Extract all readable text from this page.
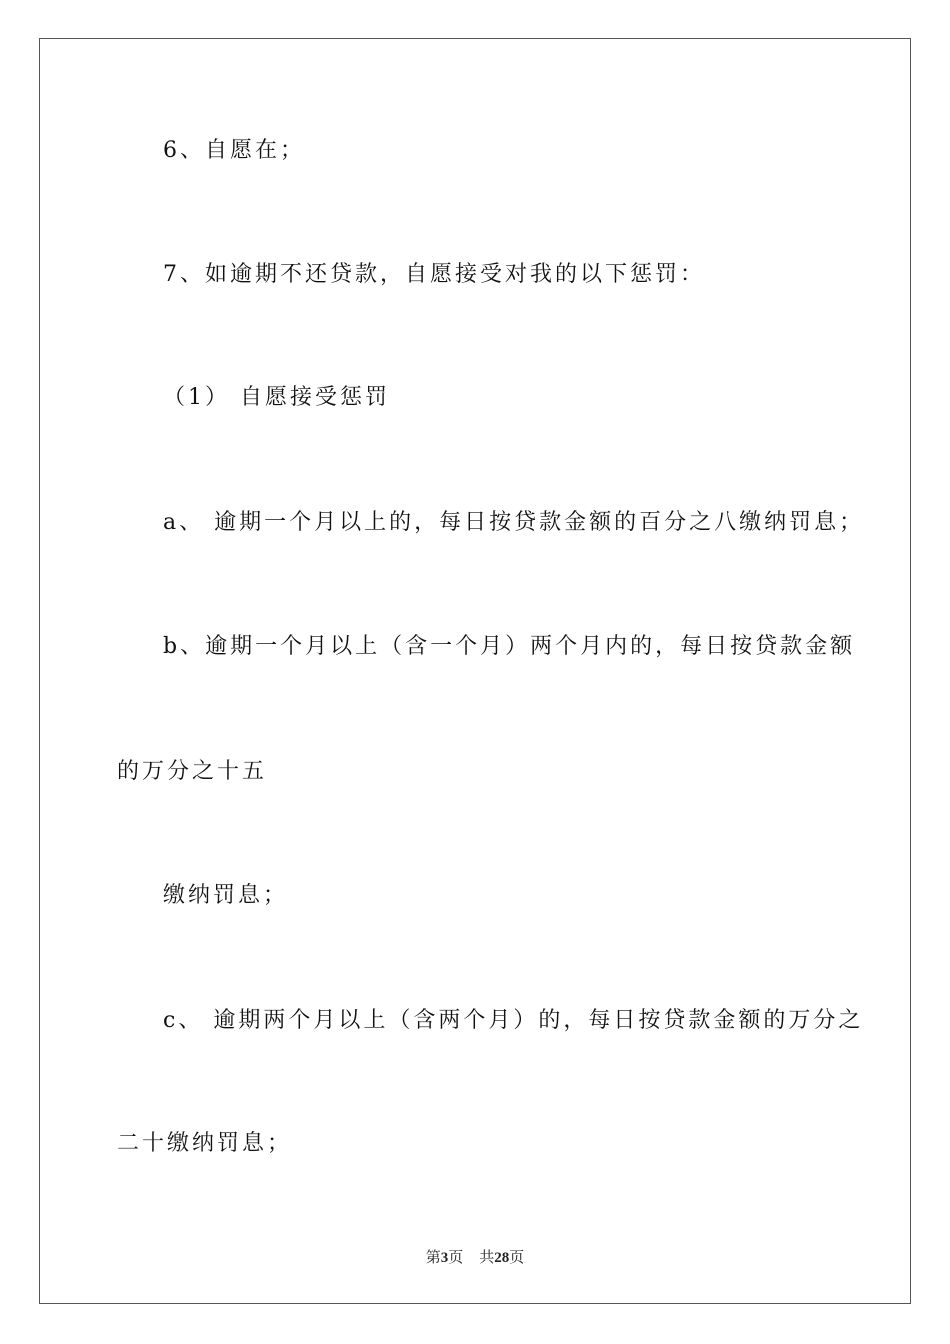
6、自愿在；
7、如逾期不还贷款，自愿接受对我的以下惩罚：
（1） 自愿接受惩罚
a、 逾期一个月以上的，每日按贷款金额的百分之八缴纳罚息；
b、逾期一个月以上（含一个月）两个月内的，每日按贷款金额
的万分之十五
缴纳罚息；
c、 逾期两个月以上（含两个月）的，每日按贷款金额的万分之
二十缴纳罚息；
第3页 共28页
